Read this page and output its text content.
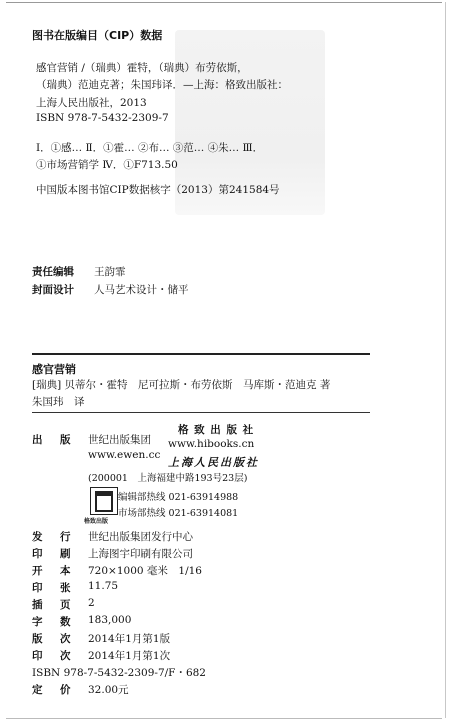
图书在版编目（CIP）数据
感官营销 /（瑞典）霍特，（瑞典）布劳依斯，
（瑞典）范迪克著；朱国玮译．—上海：格致出版社：
上海人民出版社，2013
ISBN 978-7-5432-2309-7
Ⅰ．①感… Ⅱ．①霍… ②布… ③范… ④朱… Ⅲ．
①市场营销学 Ⅳ．①F713.50
中国版本图书馆CIP数据核字（2013）第241584号
责任编辑 王韵霏
封面设计 人马艺术设计・储平
感官营销
[瑞典] 贝蒂尔・霍特　尼可拉斯・布劳依斯　马库斯・范迪克 著
朱国玮　译
出 版 世纪出版集团
www.ewen.cc
格 致 出 版 社
www.hibooks.cn
上海人民出版社
(200001　上海福建中路193号23层)
格致出版
编辑部热线 021-63914988
市场部热线 021-63914081
发 行 世纪出版集团发行中心
印 刷 上海图宇印刷有限公司
开 本 720×1000 毫米　1/16
印 张 11.75
插 页 2
字 数 183,000
版 次 2014年1月第1版
印 次 2014年1月第1次
ISBN 978-7-5432-2309-7/F・682
定 价 32.00元
